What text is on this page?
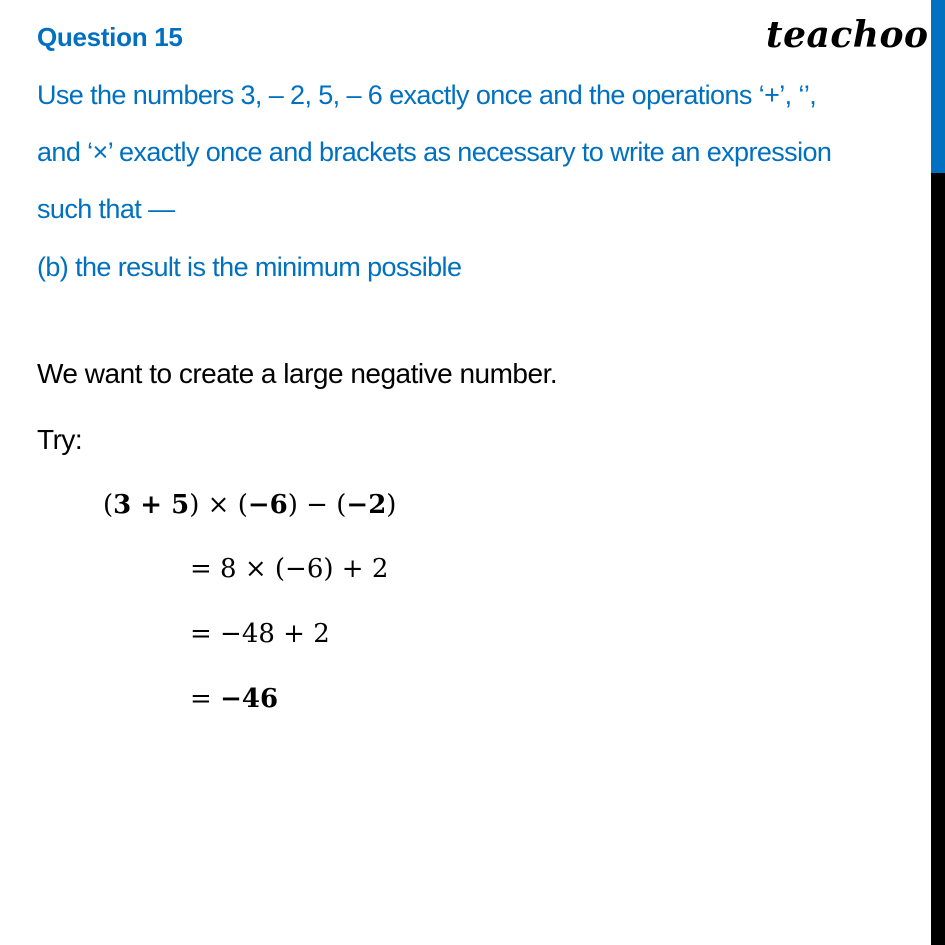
Question 15	teachoo
Use the numbers 3, – 2, 5, – 6 exactly once and the operations ‘+’, ‘’,
and ‘×’ exactly once and brackets as necessary to write an expression
such that —
(b) the result is the minimum possible
We want to create a large negative number.
Try:
(3 + 5) × (−6) − (−2)
= 8 × (−6) + 2
= −48 + 2
= −46
